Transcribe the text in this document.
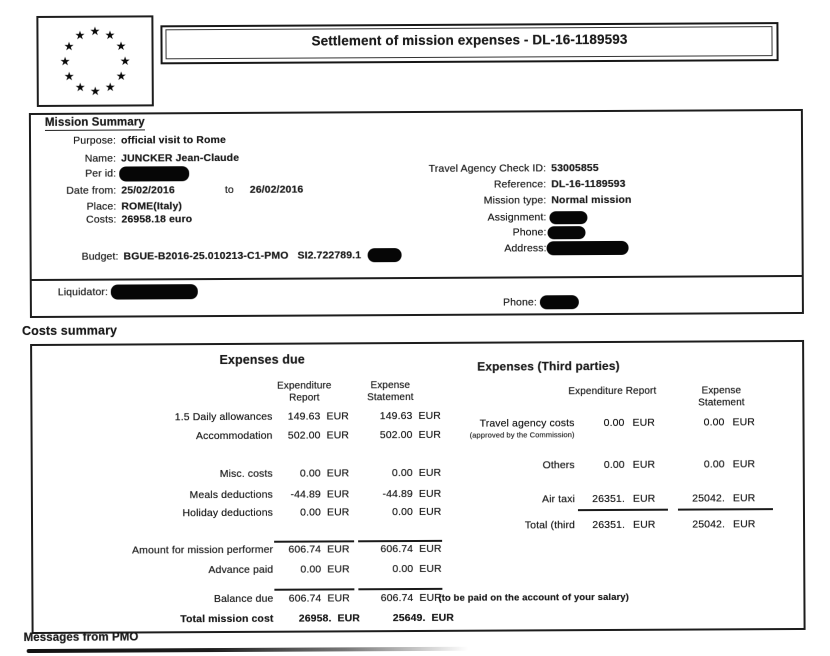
★ ★
★
★
★
★
★
★
★
★
★
★	Settlement of mission expenses - DL-16-1189593
Mission Summary
Purpose: official visit to Rome
Name: JUNCKER Jean-Claude
Per id:
Date from: 25/02/2016	to 26/02/2016
Place: ROME(Italy)
Costs: 26958.18 euro
Budget: BGUE-B2016-25.010213-C1-PMO SI2.722789.1
Travel Agency Check ID: 53005855
Reference: DL-16-1189593
Mission type: Normal mission
Assignment:
Phone:
Address:
Liquidator:
Phone:
Costs summary
Expenses due
Expenditure
Report
Expense
Statement
1.5 Daily allowances	149.63 EUR	149.63 EUR
Accommodation	502.00 EUR	502.00 EUR
Misc. costs	0.00 EUR	0.00 EUR
Meals deductions	-44.89 EUR	-44.89 EUR
Holiday deductions	0.00 EUR	0.00 EUR
Amount for mission performer	606.74 EUR	606.74 EUR
Advance paid	0.00 EUR	0.00 EUR
Balance due	606.74 EUR	606.74 EUR
Total mission cost	26958. EUR	25649. EUR
Expenses (Third parties)
Expenditure Report	Expense
Statement
Travel agency costs	0.00 EUR	0.00 EUR
(approved by the Commission)
Others	0.00 EUR	0.00 EUR
Air taxi	26351. EUR	25042. EUR
Total (third	26351. EUR	25042. EUR
(to be paid on the account of your salary)
Messages from PMO
